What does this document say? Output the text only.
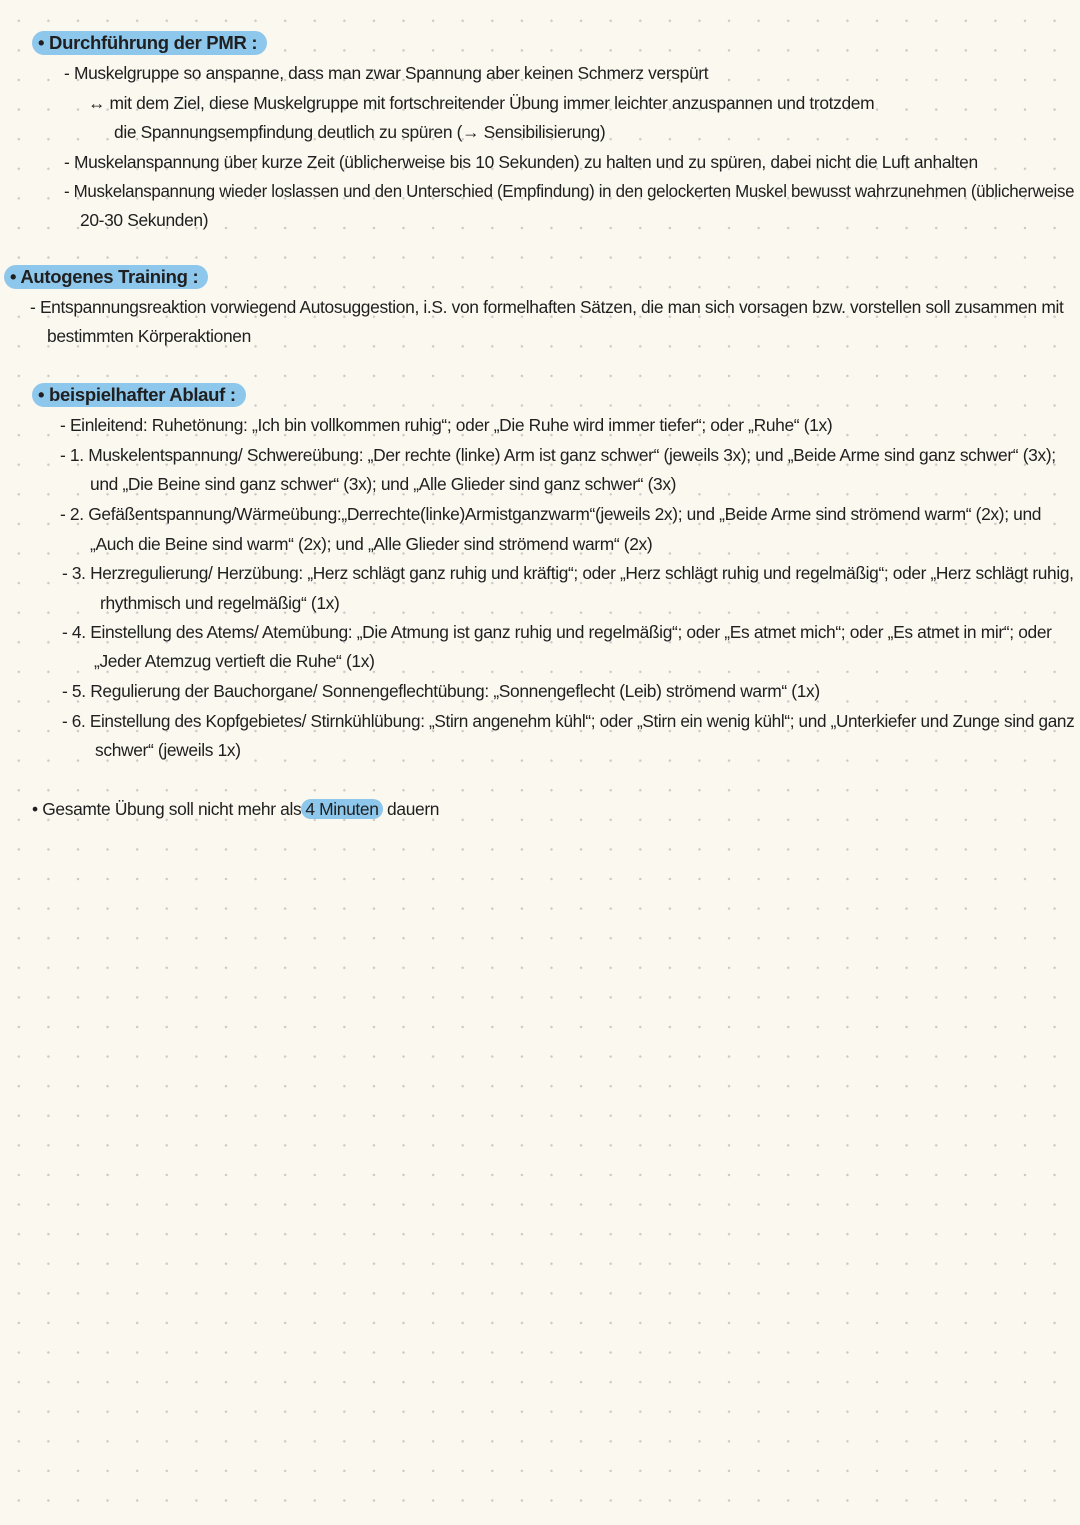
• Durchführung der PMR :
- Muskelgruppe so anspanne, dass man zwar Spannung aber keinen Schmerz verspürt
↔ mit dem Ziel, diese Muskelgruppe mit fortschreitender Übung immer leichter anzuspannen und trotzdem
die Spannungsempfindung deutlich zu spüren (→ Sensibilisierung)
- Muskelanspannung über kurze Zeit (üblicherweise bis 10 Sekunden) zu halten und zu spüren, dabei nicht die Luft anhalten
- Muskelanspannung wieder loslassen und den Unterschied (Empfindung) in den gelockerten Muskel bewusst wahrzunehmen (üblicherweise
20-30 Sekunden)
• Autogenes Training :
- Entspannungsreaktion vorwiegend Autosuggestion, i.S. von formelhaften Sätzen, die man sich vorsagen bzw. vorstellen soll zusammen mit
bestimmten Körperaktionen
• beispielhafter Ablauf :
- Einleitend: Ruhetönung: „Ich bin vollkommen ruhig“; oder „Die Ruhe wird immer tiefer“; oder „Ruhe“ (1x)
- 1. Muskelentspannung/ Schwereübung: „Der rechte (linke) Arm ist ganz schwer“ (jeweils 3x); und „Beide Arme sind ganz schwer“ (3x);
und „Die Beine sind ganz schwer“ (3x); und „Alle Glieder sind ganz schwer“ (3x)
- 2. Gefäßentspannung/Wärmeübung:„Derrechte(linke)Armistganzwarm“(jeweils 2x); und „Beide Arme sind strömend warm“ (2x); und
„Auch die Beine sind warm“ (2x); und „Alle Glieder sind strömend warm“ (2x)
- 3. Herzregulierung/ Herzübung: „Herz schlägt ganz ruhig und kräftig“; oder „Herz schlägt ruhig und regelmäßig“; oder „Herz schlägt ruhig,
rhythmisch und regelmäßig“ (1x)
- 4. Einstellung des Atems/ Atemübung: „Die Atmung ist ganz ruhig und regelmäßig“; oder „Es atmet mich“; oder „Es atmet in mir“; oder
„Jeder Atemzug vertieft die Ruhe“ (1x)
- 5. Regulierung der Bauchorgane/ Sonnengeflechtübung: „Sonnengeflecht (Leib) strömend warm“ (1x)
- 6. Einstellung des Kopfgebietes/ Stirnkühlübung: „Stirn angenehm kühl“; oder „Stirn ein wenig kühl“; und „Unterkiefer und Zunge sind ganz
schwer“ (jeweils 1x)
• Gesamte Übung soll nicht mehr als 4 Minuten dauern
